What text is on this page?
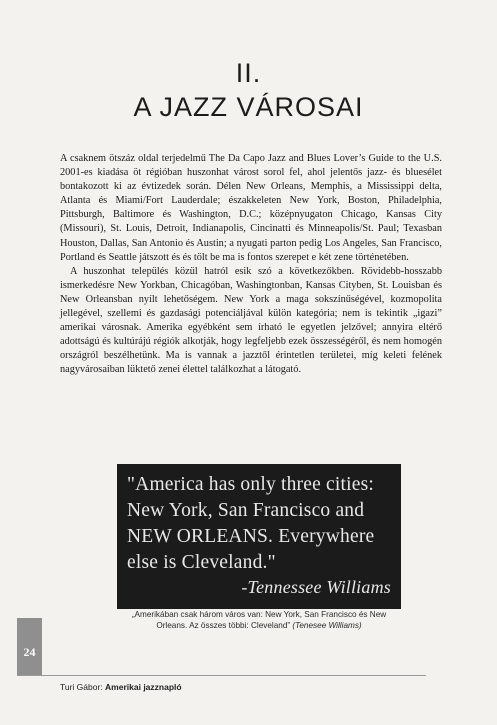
II.
A JAZZ VÁROSAI

A csaknem ötszáz oldal terjedelmű The Da Capo Jazz and Blues Lover’s Guide to the U.S. 2001-es kiadása öt régióban huszonhat várost sorol fel, ahol jelentős jazz- és bluesélet bontakozott ki az évtizedek során. Délen New Orleans, Memphis, a Mississippi delta, Atlanta és Miami/Fort Lauderdale; északkeleten New York, Boston, Philadelphia, Pittsburgh, Baltimore és Washington, D.C.; középnyugaton Chicago, Kansas City (Missouri), St. Louis, Detroit, Indianapolis, Cincinatti és Minneapolis/St. Paul; Texasban Houston, Dallas, San Antonio és Austin; a nyugati parton pedig Los Angeles, San Francisco, Portland és Seattle játszott és és tölt be ma is fontos szerepet e két zene történetében.

A huszonhat település közül hatról esik szó a következőkben. Rövidebb-hosszabb ismerkedésre New Yorkban, Chicagóban, Washingtonban, Kansas Cityben, St. Louisban és New Orleansban nyílt lehetőségem. New York a maga sokszínűségével, kozmopolita jellegével, szellemi és gazdasági potenciáljával külön kategória; nem is tekintik „igazi” amerikai városnak. Amerika egyébként sem írható le egyetlen jelzővel; annyira eltérő adottságú és kultúrájú régiók alkotják, hogy legfeljebb ezek összességéről, és nem homogén országról beszélhetünk. Ma is vannak a jazztől érintetlen területei, míg keleti felének nagyvárosaiban lüktető zenei élettel találkozhat a látogató.

"America has only three cities:
New York, San Francisco and
NEW ORLEANS. Everywhere
else is Cleveland."
-Tennessee Williams
„Amerikában csak három város van: New York, San Francisco és New Orleans. Az összes többi: Cleveland” (Tenesee Williams)
24
Turi Gábor: Amerikai jazznapló
